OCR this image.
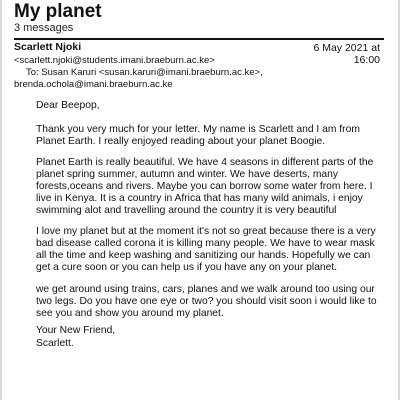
My planet
3 messages
Scarlett Njoki	6 May 2021 at
16:00
<scarlett.njoki@students.imani.braeburn.ac.ke>
To: Susan Karuri <susan.karuri@imani.braeburn.ac.ke>,
brenda.ochola@imani.braeburn.ac.ke

Dear Beepop,

Thank you very much for your letter. My name is Scarlett and I am from Planet Earth. I really enjoyed reading about your planet Boogie.

Planet Earth is really beautiful. We have 4 seasons in different parts of the planet spring summer, autumn and winter. We have deserts, many forests,oceans and rivers. Maybe you can borrow some water from here. I live in Kenya. It is a country in Africa that has many wild animals, i enjoy swimming alot and travelling around the country it is very beautiful

I love my planet but at the moment it's not so great because there is a very bad disease called corona it is killing many people. We have to wear mask all the time and keep washing and sanitizing our hands. Hopefully we can get a cure soon or you can help us if you have any on your planet.

we get around using trains, cars, planes and we walk around too using our two legs. Do you have one eye or two? you should visit soon i would like to see you and show you around my planet.

Your New Friend,

Scarlett.
